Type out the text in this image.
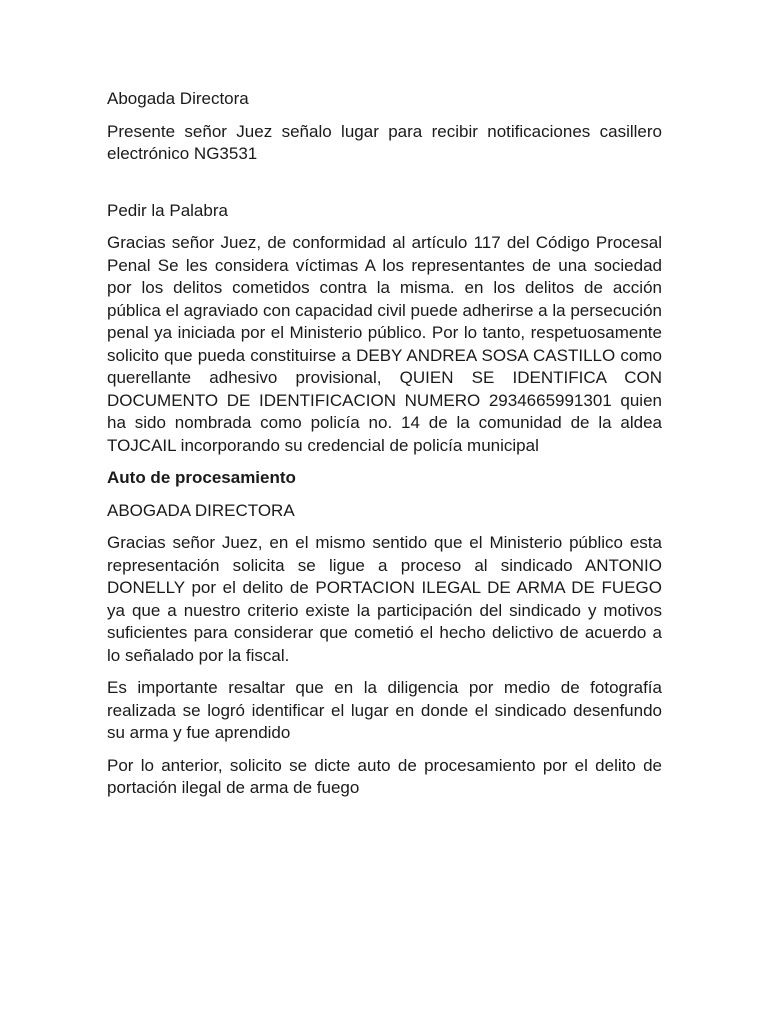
Abogada Directora

Presente señor Juez señalo lugar para recibir notificaciones casillero electrónico NG3531

Pedir la Palabra

Gracias señor Juez, de conformidad al artículo 117 del Código Procesal Penal Se les considera víctimas A los representantes de una sociedad por los delitos cometidos contra la misma. en los delitos de acción pública el agraviado con capacidad civil puede adherirse a la persecución penal ya iniciada por el Ministerio público. Por lo tanto, respetuosamente solicito que pueda constituirse a DEBY ANDREA SOSA CASTILLO como querellante adhesivo provisional, QUIEN SE IDENTIFICA CON DOCUMENTO DE IDENTIFICACION NUMERO 2934665991301 quien ha sido nombrada como policía no. 14 de la comunidad de la aldea TOJCAIL incorporando su credencial de policía municipal

Auto de procesamiento

ABOGADA DIRECTORA

Gracias señor Juez, en el mismo sentido que el Ministerio público esta representación solicita se ligue a proceso al sindicado ANTONIO DONELLY por el delito de PORTACION ILEGAL DE ARMA DE FUEGO ya que a nuestro criterio existe la participación del sindicado y motivos suficientes para considerar que cometió el hecho delictivo de acuerdo a lo señalado por la fiscal.

Es importante resaltar que en la diligencia por medio de fotografía realizada se logró identificar el lugar en donde el sindicado desenfundo su arma y fue aprendido

Por lo anterior, solicito se dicte auto de procesamiento por el delito de portación ilegal de arma de fuego
